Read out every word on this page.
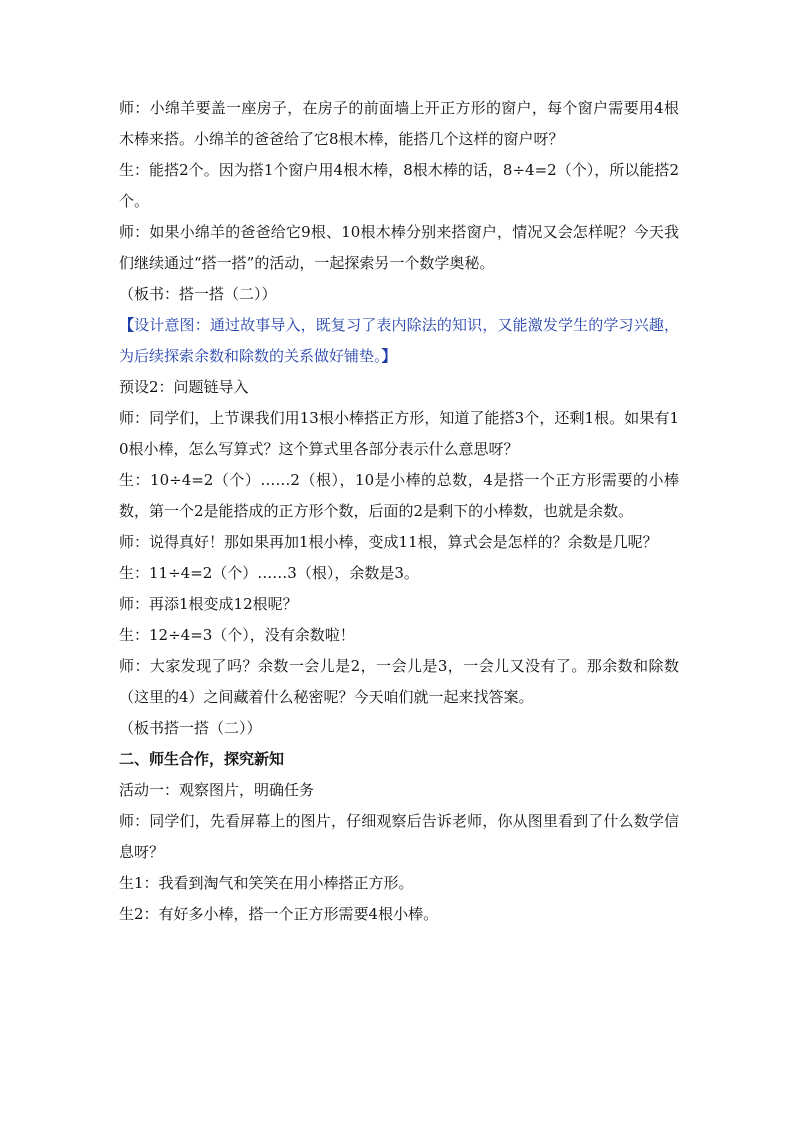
师：小绵羊要盖一座房子，在房子的前面墙上开正方形的窗户，每个窗户需要用4根木棒来搭。小绵羊的爸爸给了它8根木棒，能搭几个这样的窗户呀？

生：能搭2个。因为搭1个窗户用4根木棒，8根木棒的话，8÷4=2（个），所以能搭2个。

师：如果小绵羊的爸爸给它9根、10根木棒分别来搭窗户，情况又会怎样呢？今天我们继续通过“搭一搭”的活动，一起探索另一个数学奥秘。

（板书：搭一搭（二））

【设计意图：通过故事导入，既复习了表内除法的知识，又能激发学生的学习兴趣，为后续探索余数和除数的关系做好铺垫。】

预设2：问题链导入

师：同学们，上节课我们用13根小棒搭正方形，知道了能搭3个，还剩1根。如果有10根小棒，怎么写算式？这个算式里各部分表示什么意思呀？

生：10÷4=2（个）……2（根），10是小棒的总数，4是搭一个正方形需要的小棒数，第一个2是能搭成的正方形个数，后面的2是剩下的小棒数，也就是余数。

师：说得真好！那如果再加1根小棒，变成11根，算式会是怎样的？余数是几呢？

生：11÷4=2（个）……3（根），余数是3。

师：再添1根变成12根呢？

生：12÷4=3（个），没有余数啦！

师：大家发现了吗？余数一会儿是2，一会儿是3，一会儿又没有了。那余数和除数（这里的4）之间藏着什么秘密呢？今天咱们就一起来找答案。

（板书搭一搭（二））

二、师生合作，探究新知

活动一：观察图片，明确任务

师：同学们，先看屏幕上的图片，仔细观察后告诉老师，你从图里看到了什么数学信息呀？

生1：我看到淘气和笑笑在用小棒搭正方形。

生2：有好多小棒，搭一个正方形需要4根小棒。
